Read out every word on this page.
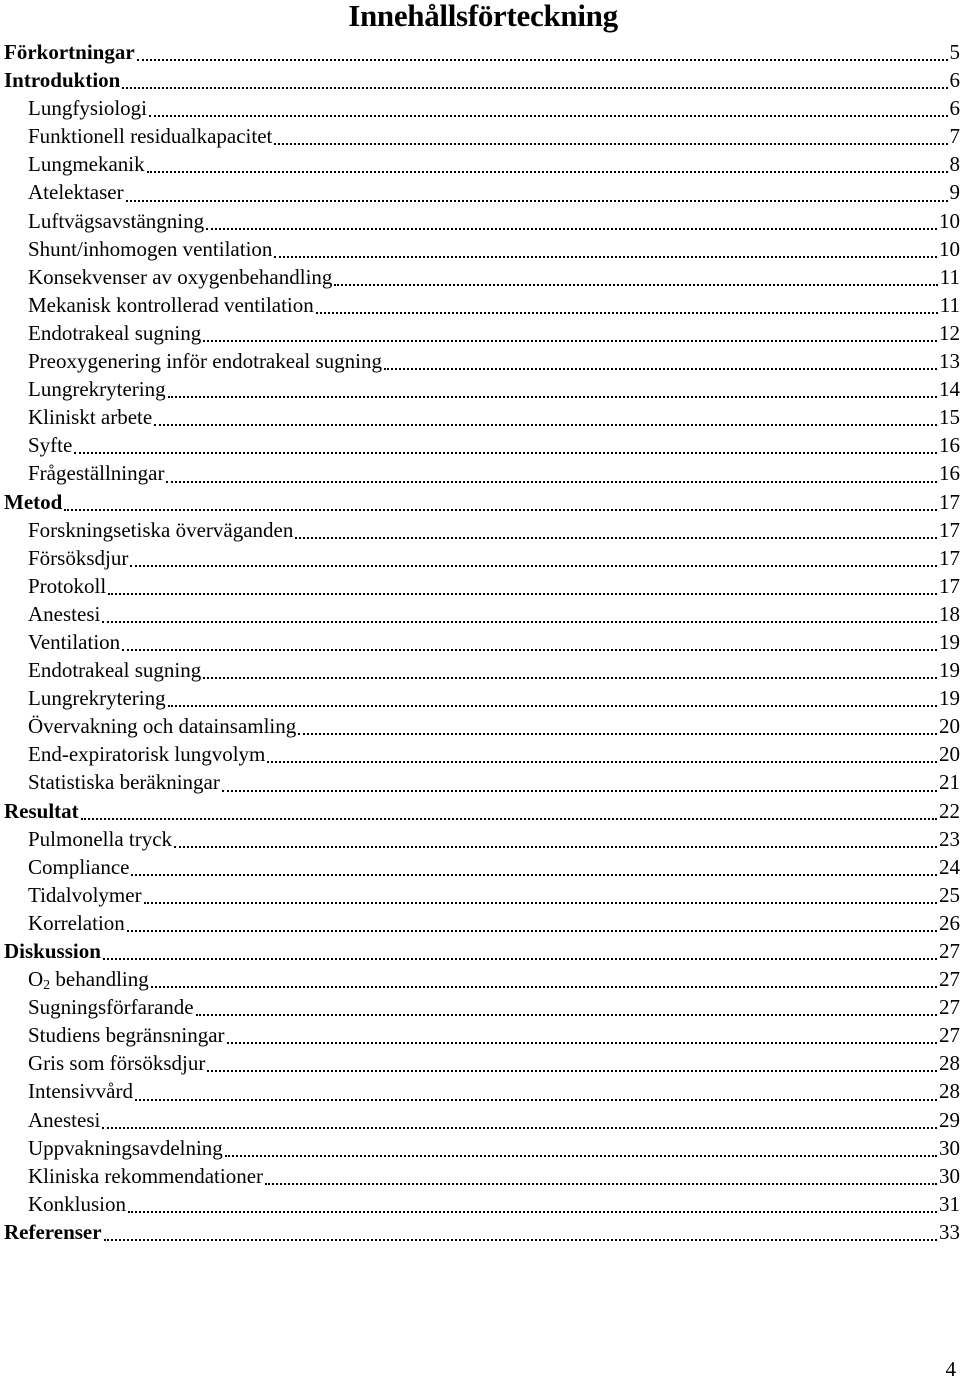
Innehållsförteckning
Förkortningar	5
Introduktion	6
Lungfysiologi	6
Funktionell residualkapacitet	7
Lungmekanik	8
Atelektaser	9
Luftvägsavstängning	10
Shunt/inhomogen ventilation	10
Konsekvenser av oxygenbehandling	11
Mekanisk kontrollerad ventilation	11
Endotrakeal sugning	12
Preoxygenering inför endotrakeal sugning	13
Lungrekrytering	14
Kliniskt arbete	15
Syfte	16
Frågeställningar	16
Metod	17
Forskningsetiska överväganden	17
Försöksdjur	17
Protokoll	17
Anestesi	18
Ventilation	19
Endotrakeal sugning	19
Lungrekrytering	19
Övervakning och datainsamling	20
End-expiratorisk lungvolym	20
Statistiska beräkningar	21
Resultat	22
Pulmonella tryck	23
Compliance	24
Tidalvolymer	25
Korrelation	26
Diskussion	27
$O_2$ behandling	27
Sugningsförfarande	27
Studiens begränsningar	27
Gris som försöksdjur	28
Intensivvård	28
Anestesi	29
Uppvakningsavdelning	30
Kliniska rekommendationer	30
Konklusion	31
Referenser	33
4
